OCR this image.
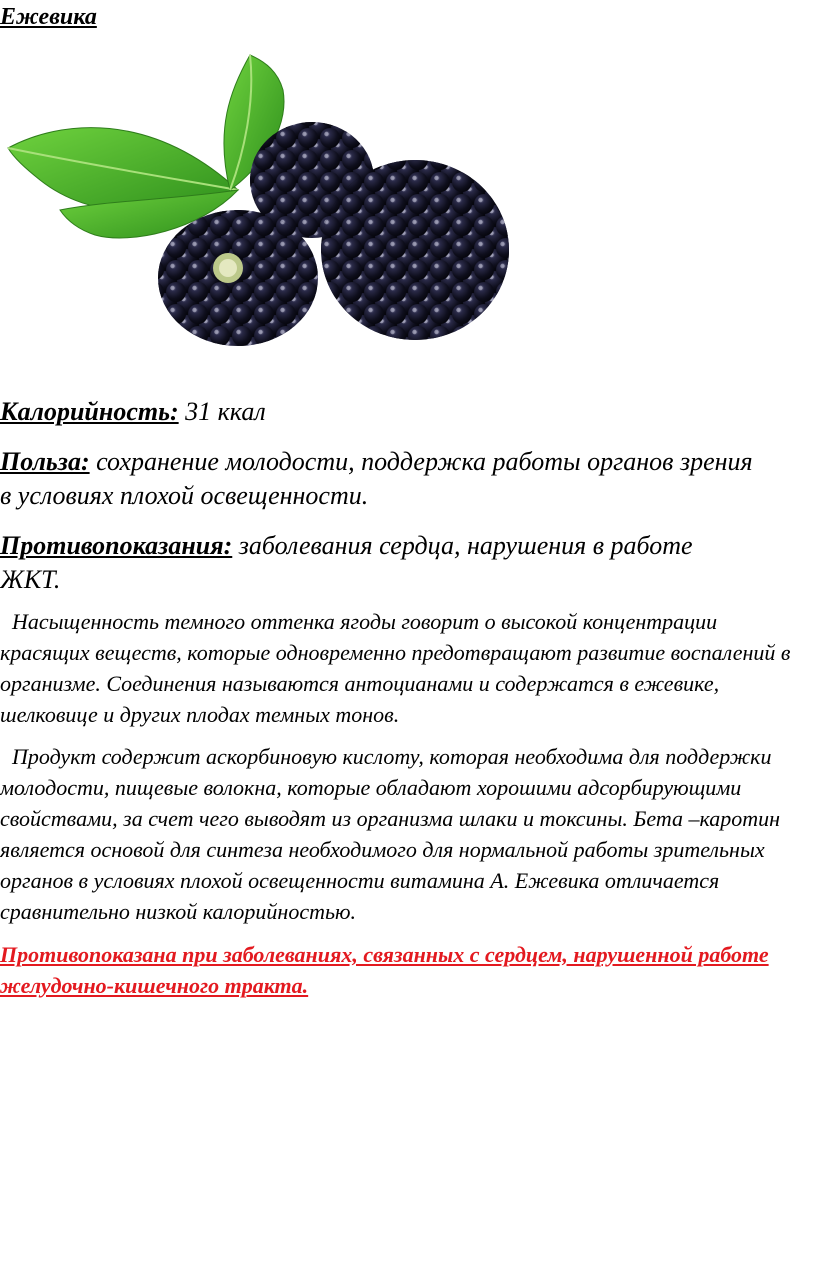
Ежевика

Калорийность: 31 ккал

Польза: сохранение молодости, поддержка работы органов зрения

в условиях плохой освещенности.

Противопоказания: заболевания сердца, нарушения в работе

ЖКТ.

Насыщенность темного оттенка ягоды говорит о высокой концентрации красящих веществ, которые одновременно предотвращают развитие воспалений в организме. Соединения называются антоцианами и содержатся в ежевике, шелковице и других плодах темных тонов.

Продукт содержит аскорбиновую кислоту, которая необходима для поддержки молодости, пищевые волокна, которые обладают хорошими адсорбирующими свойствами, за счет чего выводят из организма шлаки и токсины. Бета –каротин является основой для синтеза необходимого для нормальной работы зрительных органов в условиях плохой освещенности витамина А. Ежевика отличается сравнительно низкой калорийностью.

Противопоказана при заболеваниях, связанных с сердцем, нарушенной работе желудочно-кишечного тракта.
